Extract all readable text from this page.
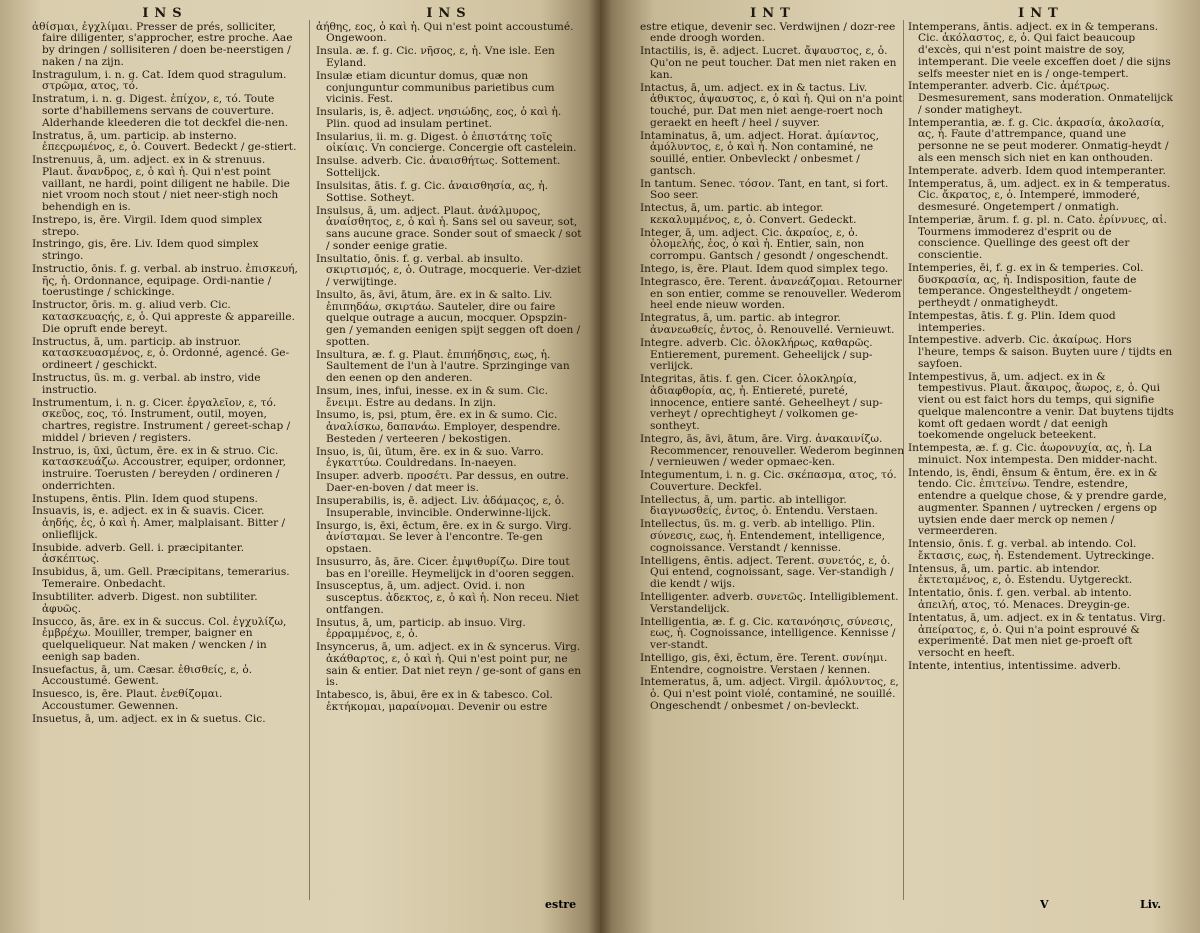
INS

ἀθίσμαι, ἐγχλίμαι. Presser de prés, solliciter, faire diligenter, s'approcher, estre proche. Aae by dringen / sollisiteren / doen be-neerstigen / naken / na zijn.

Instragulum, i. n. g. Cat. Idem quod stragulum. στρῶμα, ατος, τό.

Instratum, i. n. g. Digest. ἐπίχον, ε, τό. Toute sorte d'habillemens servans de couverture. Alderhande kleederen die tot deckfel die-nen.

Instratus, ā, um. particip. ab insterno. ἐπεςρωμένος, ε, ὁ. Couvert. Bedeckt / ge-stiert.

Instrenuus, ā, um. adject. ex in & strenuus. Plaut. ἄνανδρος, ε, ὁ καὶ ἡ. Qui n'est point vaillant, ne hardi, point diligent ne habile. Die niet vroom noch stout / niet neer-stigh noch behendigh en is.

Instrepo, is, ēre. Virgil. Idem quod simplex strepo.

Instringo, gis, ēre. Liv. Idem quod simplex stringo.

Instructio, ōnis. f. g. verbal. ab instruo. ἐπισκευή, ῆς, ἡ. Ordonnance, equipage. Ordi-nantie / toerustinge / schickinge.

Instructor, ōris. m. g. aliud verb. Cic. κατασκευαςής, ε, ὁ. Qui appreste & appareille. Die opruft ende bereyt.

Instructus, ā, um. particip. ab instruor. κατασκευασμένος, ε, ὁ. Ordonné, agencé. Ge-ordineert / geschickt.

Instructus, ūs. m. g. verbal. ab instro, vide instructio.

Instrumentum, i. n. g. Cicer. ἐργαλεῖον, ε, τό. σκεῦος, εος, τό. Instrument, outil, moyen, chartres, registre. Instrument / gereet-schap / middel / brieven / registers.

Instruo, is, ūxi, ūctum, ēre. ex in & struo. Cic. κατασκευάζω. Accoustrer, equiper, ordonner, instruire. Toerusten / bereyden / ordineren / onderrichten.

Instupens, ēntis. Plin. Idem quod stupens.

Insuavis, is, e. adject. ex in & suavis. Cicer. ἀηδής, ἐς, ὁ καὶ ἡ. Amer, malplaisant. Bitter / onlieflijck.

Insubide. adverb. Gell. i. præcipitanter. ἀσκέπτως.

Insubidus, ā, um. Gell. Præcipitans, temerarius. Temeraire. Onbedacht.

Insubtiliter. adverb. Digest. non subtiliter. ἀφυῶς.

Insucco, ās, āre. ex in & succus. Col. ἐγχυλίζω, ἐμβρέχω. Mouiller, tremper, baigner en quelqueliqueur. Nat maken / wencken / in eenigh sap baden.

Insuefactus, ā, um. Cæsar. ἐθισθείς, ε, ὁ. Accoustumé. Gewent.

Insuesco, is, ēre. Plaut. ἐνεθίζομαι. Accoustumer. Gewennen.

Insuetus, ā, um. adject. ex in & suetus. Cic.

INS

ἀήθης, εος, ὁ καὶ ἡ. Qui n'est point accoustumé. Ongewoon.

Insula. æ. f. g. Cic. νῆσος, ε, ἡ. Vne isle. Een Eyland.

Insulæ etiam dicuntur domus, quæ non conjunguntur communibus parietibus cum vicinis. Fest.

Insularis, is, ē. adject. νησιώδης, εος, ὁ καὶ ἡ. Plin. quod ad insulam pertinet.

Insularius, ii. m. g. Digest. ὁ ἐπιστάτης τοῖς οἰκίαις. Vn concierge. Concergie oft castelein.

Insulse. adverb. Cic. ἀναισθήτως. Sottement. Sottelijck.

Insulsitas, ātis. f. g. Cic. ἀναισθησία, ας, ἡ. Sottise. Sotheyt.

Insulsus, ā, um. adject. Plaut. ἀνάλμυρος, ἀναίσθητος, ε, ὁ καὶ ἡ. Sans sel ou saveur, sot, sans aucune grace. Sonder sout of smaeck / sot / sonder eenige gratie.

Insultatio, ōnis. f. g. verbal. ab insulto. σκιρτισμός, ε, ὁ. Outrage, mocquerie. Ver-dziet / verwijtinge.

Insulto, ās, āvi, ātum, āre. ex in & salto. Liv. ἐπιπηδάω, σκιρτάω. Sauteler, dire ou faire quelque outrage a aucun, mocquer. Opspzin-gen / yemanden eenigen spijt seggen oft doen / spotten.

Insultura, æ. f. g. Plaut. ἐπιπήδησις, εως, ἡ. Saultement de l'un à l'autre. Sprzinginge van den eenen op den anderen.

Insum, ines, infui, inesse. ex in & sum. Cic. ἔνειμι. Estre au dedans. In zijn.

Insumo, is, psi, ptum, ēre. ex in & sumo. Cic. ἀναλίσκω, δαπανάω. Employer, despendre. Besteden / verteeren / bekostigen.

Insuo, is, ūi, ūtum, ēre. ex in & suo. Varro. ἐγκαττύω. Couldredans. In-naeyen.

Insuper. adverb. προσέτι. Par dessus, en outre. Daer-en-boven / dat meer is.

Insuperabilis, is, ē. adject. Liv. ἀδάμαςος, ε, ὁ. Insuperable, invincible. Onderwinne-lijck.

Insurgo, is, ēxi, ēctum, ēre. ex in & surgo. Virg. ἀνίσταμαι. Se lever à l'encontre. Te-gen opstaen.

Insusurro, ās, āre. Cicer. ἐμψιθυρίζω. Dire tout bas en l'oreille. Heymelijck in d'ooren seggen.

Insusceptus, ā, um. adject. Ovid. i. non susceptus. ἀδεκτος, ε, ὁ καὶ ἡ. Non receu. Niet ontfangen.

Insutus, ā, um, particip. ab insuo. Virg. ἐρραμμένος, ε, ὁ.

Insyncerus, ā, um. adject. ex in & syncerus. Virg. ἀκάθαρτος, ε, ὁ καὶ ἡ. Qui n'est point pur, ne sain & entier. Dat niet reyn / ge-sont of gans en is.

Intabesco, is, ābui, ēre ex in & tabesco. Col. ἐκτήκομαι, μαραίνομαι. Devenir ou estre

estre
INT

estre etique, devenir sec. Verdwijnen / dozr-ree ende droogh worden.

Intactilis, is, ē. adject. Lucret. ἄψαυστος, ε, ὁ. Qu'on ne peut toucher. Dat men niet raken en kan.

Intactus, ā, um. adject. ex in & tactus. Liv. ἀθικτος, ἀψαυστος, ε, ὁ καὶ ἡ. Qui on n'a point touché, pur. Dat men niet aenge-roert noch geraekt en heeft / heel / suyver.

Intaminatus, ā, um. adject. Horat. ἀμίαντος, ἀμόλυντος, ε, ὁ καὶ ἡ. Non contaminé, ne souillé, entier. Onbevleckt / onbesmet / gantsch.

In tantum. Senec. τόσον. Tant, en tant, si fort. Soo seer.

Intectus, ā, um. partic. ab integor. κεκαλυμμένος, ε, ὁ. Convert. Gedeckt.

Integer, ā, um. adject. Cic. ἀκραίος, ε, ὁ. ὁλομελής, ἐος, ὁ καὶ ἡ. Entier, sain, non corrompu. Gantsch / gesondt / ongeschendt.

Intego, is, ēre. Plaut. Idem quod simplex tego.

Integrasco, ēre. Terent. ἀνανεάζομαι. Retourner en son entier, comme se renouveller. Wederom heel ende nieuw worden.

Integratus, ā, um. partic. ab integror. ἀνανεωθείς, ἐντος, ὁ. Renouvellé. Vernieuwt.

Integre. adverb. Cic. ὁλοκλήρως, καθαρῶς. Entierement, purement. Geheelijck / sup-verlijck.

Integritas, ātis. f. gen. Cicer. ὁλοκληρία, ἀδιαφθορία, ας, ἡ. Entiereté, pureté, innocence, entiere santé. Geheelheyt / sup-verheyt / oprechtigheyt / volkomen ge-sontheyt.

Integro, ās, āvi, ātum, āre. Virg. ἀνακαινίζω. Recommencer, renouveller. Wederom beginnen / vernieuwen / weder opmaec-ken.

Integumentum, i. n. g. Cic. σκέπασμα, ατος, τό. Couverture. Deckfel.

Intellectus, ā, um. partic. ab intelligor. διαγνωσθείς, ἐντος, ὁ. Entendu. Verstaen.

Intellectus, ūs. m. g. verb. ab intelligo. Plin. σύνεσις, εως, ἡ. Entendement, intelligence, cognoissance. Verstandt / kennisse.

Intelligens, ēntis. adject. Terent. συνετός, ε, ὁ. Qui entend, cognoissant, sage. Ver-standigh / die kendt / wijs.

Intelligenter. adverb. συνετῶς. Intelligiblement. Verstandelijck.

Intelligentia, æ. f. g. Cic. κατανόησις, σύνεσις, εως, ἡ. Cognoissance, intelligence. Kennisse / ver-standt.

Intelligo, gis, ēxi, ēctum, ēre. Terent. συνίημι. Entendre, cognoistre. Verstaen / kennen.

Intemeratus, ā, um. adject. Virgil. ἀμόλυντος, ε, ὁ. Qui n'est point violé, contaminé, ne souillé. Ongeschendt / onbesmet / on-bevleckt.

INT

Intemperans, āntis. adject. ex in & temperans. Cic. ἀκόλαστος, ε, ὁ. Qui faict beaucoup d'excès, qui n'est point maistre de soy, intemperant. Die veele exceffen doet / die sijns selfs meester niet en is / onge-tempert.

Intemperanter. adverb. Cic. ἀμέτρως. Desmesurement, sans moderation. Onmatelijck / sonder matigheyt.

Intemperantia, æ. f. g. Cic. ἀκρασία, ἀκολασία, ας, ἡ. Faute d'attrempance, quand une personne ne se peut moderer. Onmatig-heydt / als een mensch sich niet en kan onthouden.

Intemperate. adverb. Idem quod intemperanter.

Intemperatus, ā, um. adject. ex in & temperatus. Cic. ἄκρατος, ε, ὁ. Intemperé, immoderé, desmesuré. Ongetempert / onmatigh.

Intemperiæ, ārum. f. g. pl. n. Cato. ἐρίννυες, αἱ. Tourmens immoderez d'esprit ou de conscience. Quellinge des geest oft der conscientie.

Intemperies, ēi, f. g. ex in & temperies. Col. δυσκρασία, ας, ἡ. Indisposition, faute de temperance. Ongesteltheydt / ongetem-pertheydt / onmatigheydt.

Intempestas, ātis. f. g. Plin. Idem quod intemperies.

Intempestive. adverb. Cic. ἀκαίρως. Hors l'heure, temps & saison. Buyten uure / tijdts en sayfoen.

Intempestivus, ā, um. adject. ex in & tempestivus. Plaut. ἄκαιρος, ἄωρος, ε, ὁ. Qui vient ou est faict hors du temps, qui signifie quelque malencontre a venir. Dat buytens tijdts komt oft gedaen wordt / dat eenigh toekomende ongeluck beteekent.

Intempesta, æ. f. g. Cic. ἀωρονυχία, ας, ἡ. La minuict. Nox intempesta. Den midder-nacht.

Intendo, is, ēndi, ēnsum & ēntum, ēre. ex in & tendo. Cic. ἐπιτείνω. Tendre, estendre, entendre a quelque chose, & y prendre garde, augmenter. Spannen / uytrecken / ergens op uytsien ende daer merck op nemen / vermeerderen.

Intensio, ōnis. f. g. verbal. ab intendo. Col. ἔκτασις, εως, ἡ. Estendement. Uytreckinge.

Intensus, ā, um. partic. ab intendor. ἐκτεταμένος, ε, ὁ. Estendu. Uytgereckt.

Intentatio, ōnis. f. gen. verbal. ab intento. ἀπειλή, ατος, τό. Menaces. Dreygin-ge.

Intentatus, ā, um. adject. ex in & tentatus. Virg. ἀπείρατος, ε, ὁ. Qui n'a point esprouvé & experimenté. Dat men niet ge-proeft oft versocht en heeft.

Intente, intentius, intentissime. adverb.

V	Liv.
